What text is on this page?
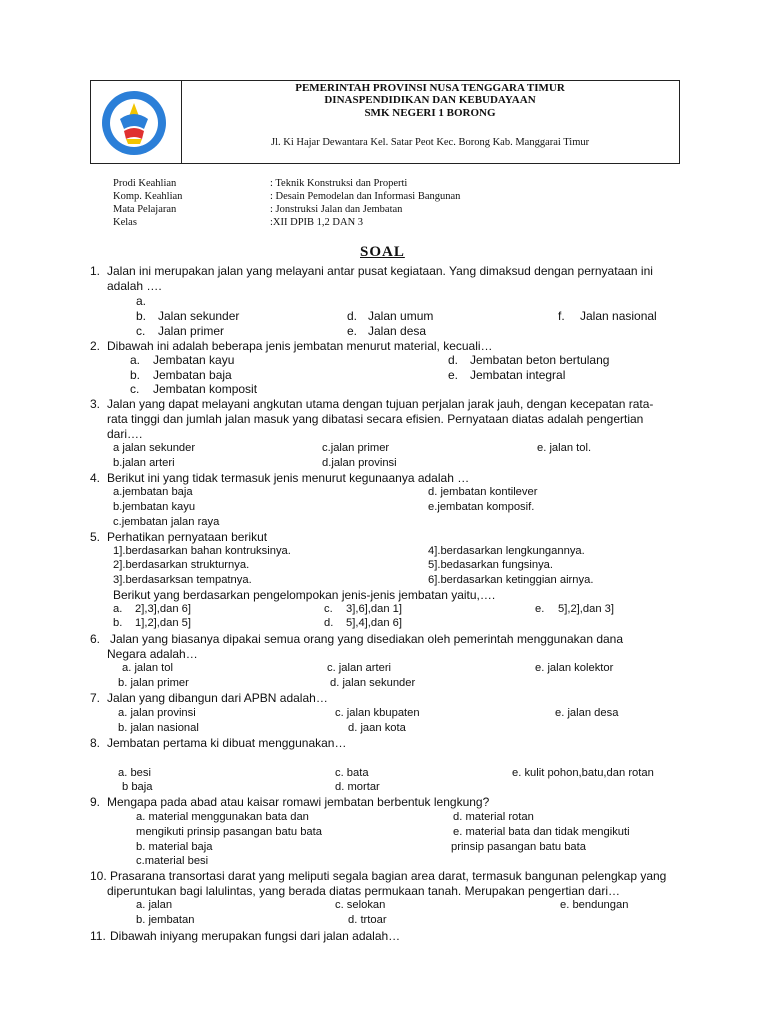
PEMERINTAH PROVINSI NUSA TENGGARA TIMUR
DINASPENDIDIKAN DAN KEBUDAYAAN
SMK NEGERI 1 BORONG
Jl. Ki Hajar Dewantara Kel. Satar Peot Kec. Borong Kab. Manggarai Timur
Prodi Keahlian	: Teknik Konstruksi dan Properti
Komp. Keahlian	: Desain Pemodelan dan Informasi Bangunan
Mata Pelajaran	: Jonstruksi Jalan dan Jembatan
Kelas	:XII DPIB 1,2 DAN 3
SOAL
1. Jalan ini merupakan jalan yang melayani antar pusat kegiataan. Yang dimaksud dengan pernyataan ini
adalah ….
a.
b. Jalan sekunder	d. Jalan umum	f. Jalan nasional
c. Jalan primer	e. Jalan desa
2. Dibawah ini adalah beberapa jenis jembatan menurut material, kecuali…
a. Jembatan kayu	d. Jembatan beton bertulang
b. Jembatan baja	e. Jembatan integral
c. Jembatan komposit
3. Jalan yang dapat melayani angkutan utama dengan tujuan perjalan jarak jauh, dengan kecepatan rata-
rata tinggi dan jumlah jalan masuk yang dibatasi secara efisien. Pernyataan diatas adalah pengertian
dari….
a jalan sekunder	c.jalan primer	e. jalan tol.
b.jalan arteri	d.jalan provinsi
4. Berikut ini yang tidak termasuk jenis menurut kegunaanya adalah …
a.jembatan baja	d. jembatan kontilever
b.jembatan kayu	e.jembatan komposif.
c.jembatan jalan raya
5. Perhatikan pernyataan berikut
1].berdasarkan bahan kontruksinya.	4].berdasarkan lengkungannya.
2].berdasarkan strukturnya.	5].bedasarkan fungsinya.
3].berdasarksan tempatnya.	6].berdasarkan ketinggian airnya.
Berikut yang berdasarkan pengelompokan jenis-jenis jembatan yaitu,….
a. 2],3],dan 6]	c. 3],6],dan 1]	e. 5],2],dan 3]
b. 1],2],dan 5]	d. 5],4],dan 6]
6. Jalan yang biasanya dipakai semua orang yang disediakan oleh pemerintah menggunakan dana
Negara adalah…
a. jalan tol	c. jalan arteri	e. jalan kolektor
b. jalan primer	d. jalan sekunder
7. Jalan yang dibangun dari APBN adalah…
a. jalan provinsi	c. jalan kbupaten	e. jalan desa
b. jalan nasional	d. jaan kota
8. Jembatan pertama ki dibuat menggunakan…
a. besi	c. bata	e. kulit pohon,batu,dan rotan
b baja	d. mortar
9. Mengapa pada abad atau kaisar romawi jembatan berbentuk lengkung?
a. material menggunakan bata dan	d. material rotan
mengikuti prinsip pasangan batu bata	e. material bata dan tidak mengikuti
b. material baja	prinsip pasangan batu bata
c.material besi
10. Prasarana transortasi darat yang meliputi segala bagian area darat, termasuk bangunan pelengkap yang
diperuntukan bagi lalulintas, yang berada diatas permukaan tanah. Merupakan pengertian dari…
a. jalan	c. selokan	e. bendungan
b. jembatan	d. trtoar
11. Dibawah iniyang merupakan fungsi dari jalan adalah…
